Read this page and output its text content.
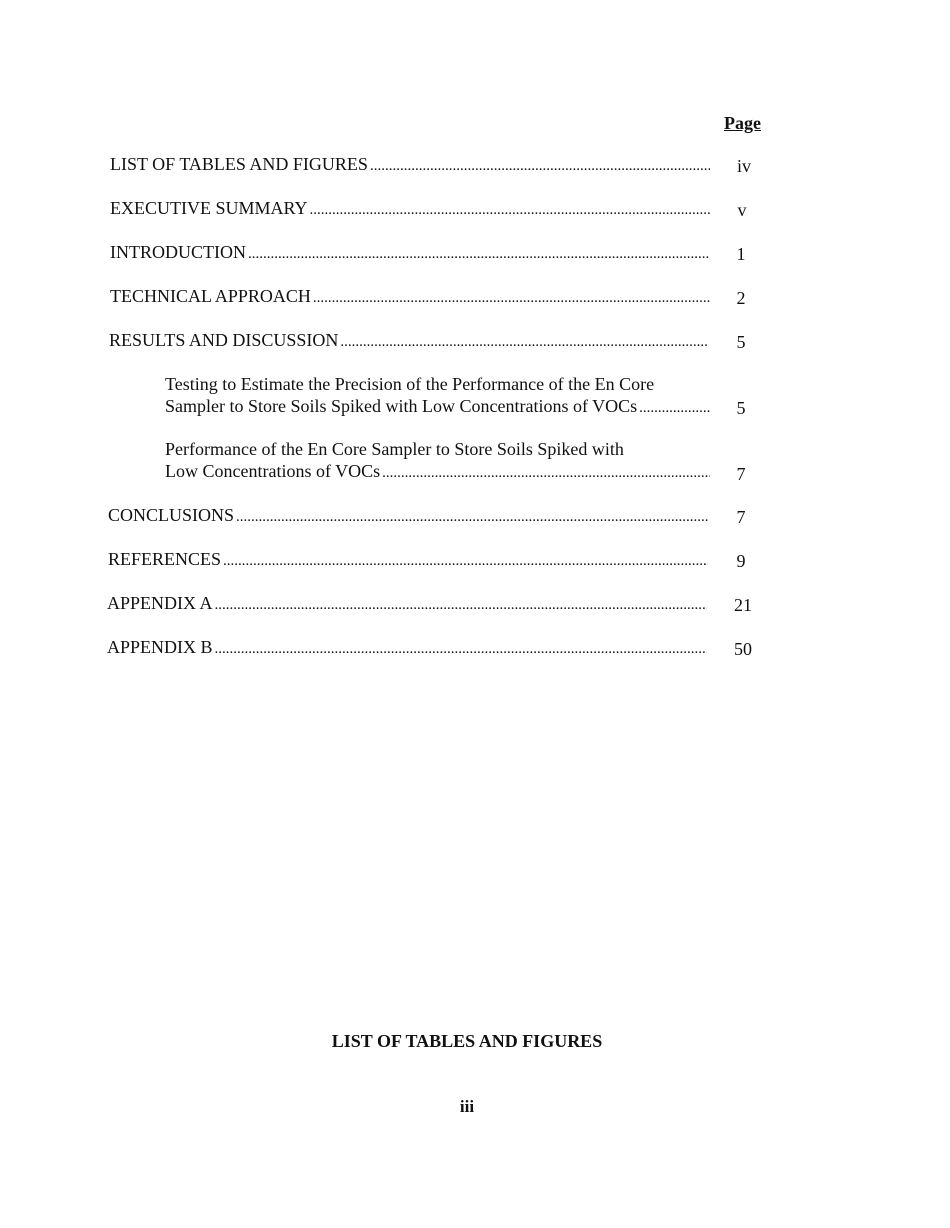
Page
LIST OF TABLES AND FIGURES .....	iv
EXECUTIVE SUMMARY .....	v
INTRODUCTION .....	1
TECHNICAL APPROACH .....	2
RESULTS AND DISCUSSION .....	5
Testing to Estimate the Precision of the Performance of the En Core
Sampler to Store Soils Spiked with Low Concentrations of VOCs .....	5
Performance of the En Core Sampler to Store Soils Spiked with
Low Concentrations of VOCs .....	7
CONCLUSIONS .....	7
REFERENCES .....	9
APPENDIX A .....	21
APPENDIX B .....	50
LIST OF TABLES AND FIGURES
iii
